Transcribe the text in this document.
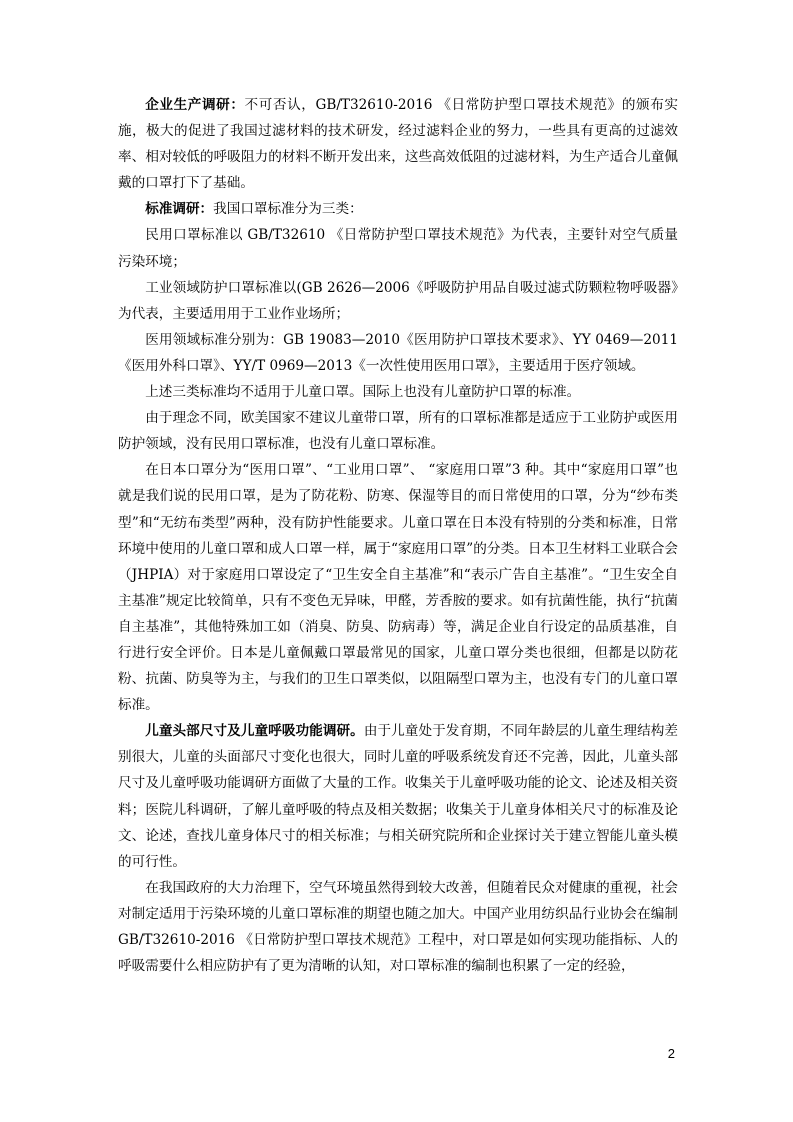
企业生产调研：不可否认，GB/T32610-2016 《日常防护型口罩技术规范》的颁布实施，极大的促进了我国过滤材料的技术研发，经过滤料企业的努力，一些具有更高的过滤效率、相对较低的呼吸阻力的材料不断开发出来，这些高效低阻的过滤材料，为生产适合儿童佩戴的口罩打下了基础。

标准调研：我国口罩标准分为三类：

民用口罩标准以 GB/T32610 《日常防护型口罩技术规范》为代表，主要针对空气质量污染环境；

工业领域防护口罩标准以(GB 2626—2006《呼吸防护用品自吸过滤式防颗粒物呼吸器》为代表，主要适用用于工业作业场所；

医用领域标准分别为：GB 19083—2010《医用防护口罩技术要求》、YY 0469—2011《医用外科口罩》、YY/T 0969—2013《一次性使用医用口罩》，主要适用于医疗领域。

上述三类标准均不适用于儿童口罩。国际上也没有儿童防护口罩的标准。

由于理念不同，欧美国家不建议儿童带口罩，所有的口罩标准都是适应于工业防护或医用防护领域，没有民用口罩标准，也没有儿童口罩标准。

在日本口罩分为“医用口罩”、“工业用口罩”、 “家庭用口罩”3 种。其中“家庭用口罩”也就是我们说的民用口罩，是为了防花粉、防寒、保湿等目的而日常使用的口罩，分为“纱布类型”和“无纺布类型”两种，没有防护性能要求。儿童口罩在日本没有特别的分类和标准，日常环境中使用的儿童口罩和成人口罩一样，属于“家庭用口罩”的分类。日本卫生材料工业联合会（JHPIA）对于家庭用口罩设定了“卫生安全自主基准”和“表示广告自主基准”。“卫生安全自主基准”规定比较简单，只有不变色无异味，甲醛，芳香胺的要求。如有抗菌性能，执行“抗菌自主基准”，其他特殊加工如（消臭、防臭、防病毒）等，满足企业自行设定的品质基准，自行进行安全评价。日本是儿童佩戴口罩最常见的国家，儿童口罩分类也很细，但都是以防花粉、抗菌、防臭等为主，与我们的卫生口罩类似，以阻隔型口罩为主，也没有专门的儿童口罩标准。

儿童头部尺寸及儿童呼吸功能调研。由于儿童处于发育期，不同年龄层的儿童生理结构差别很大，儿童的头面部尺寸变化也很大，同时儿童的呼吸系统发育还不完善，因此，儿童头部尺寸及儿童呼吸功能调研方面做了大量的工作。收集关于儿童呼吸功能的论文、论述及相关资料；医院儿科调研，了解儿童呼吸的特点及相关数据；收集关于儿童身体相关尺寸的标准及论文、论述，查找儿童身体尺寸的相关标准；与相关研究院所和企业探讨关于建立智能儿童头模的可行性。

在我国政府的大力治理下，空气环境虽然得到较大改善，但随着民众对健康的重视，社会对制定适用于污染环境的儿童口罩标准的期望也随之加大。中国产业用纺织品行业协会在编制 GB/T32610-2016 《日常防护型口罩技术规范》工程中，对口罩是如何实现功能指标、人的呼吸需要什么相应防护有了更为清晰的认知，对口罩标准的编制也积累了一定的经验，

2
